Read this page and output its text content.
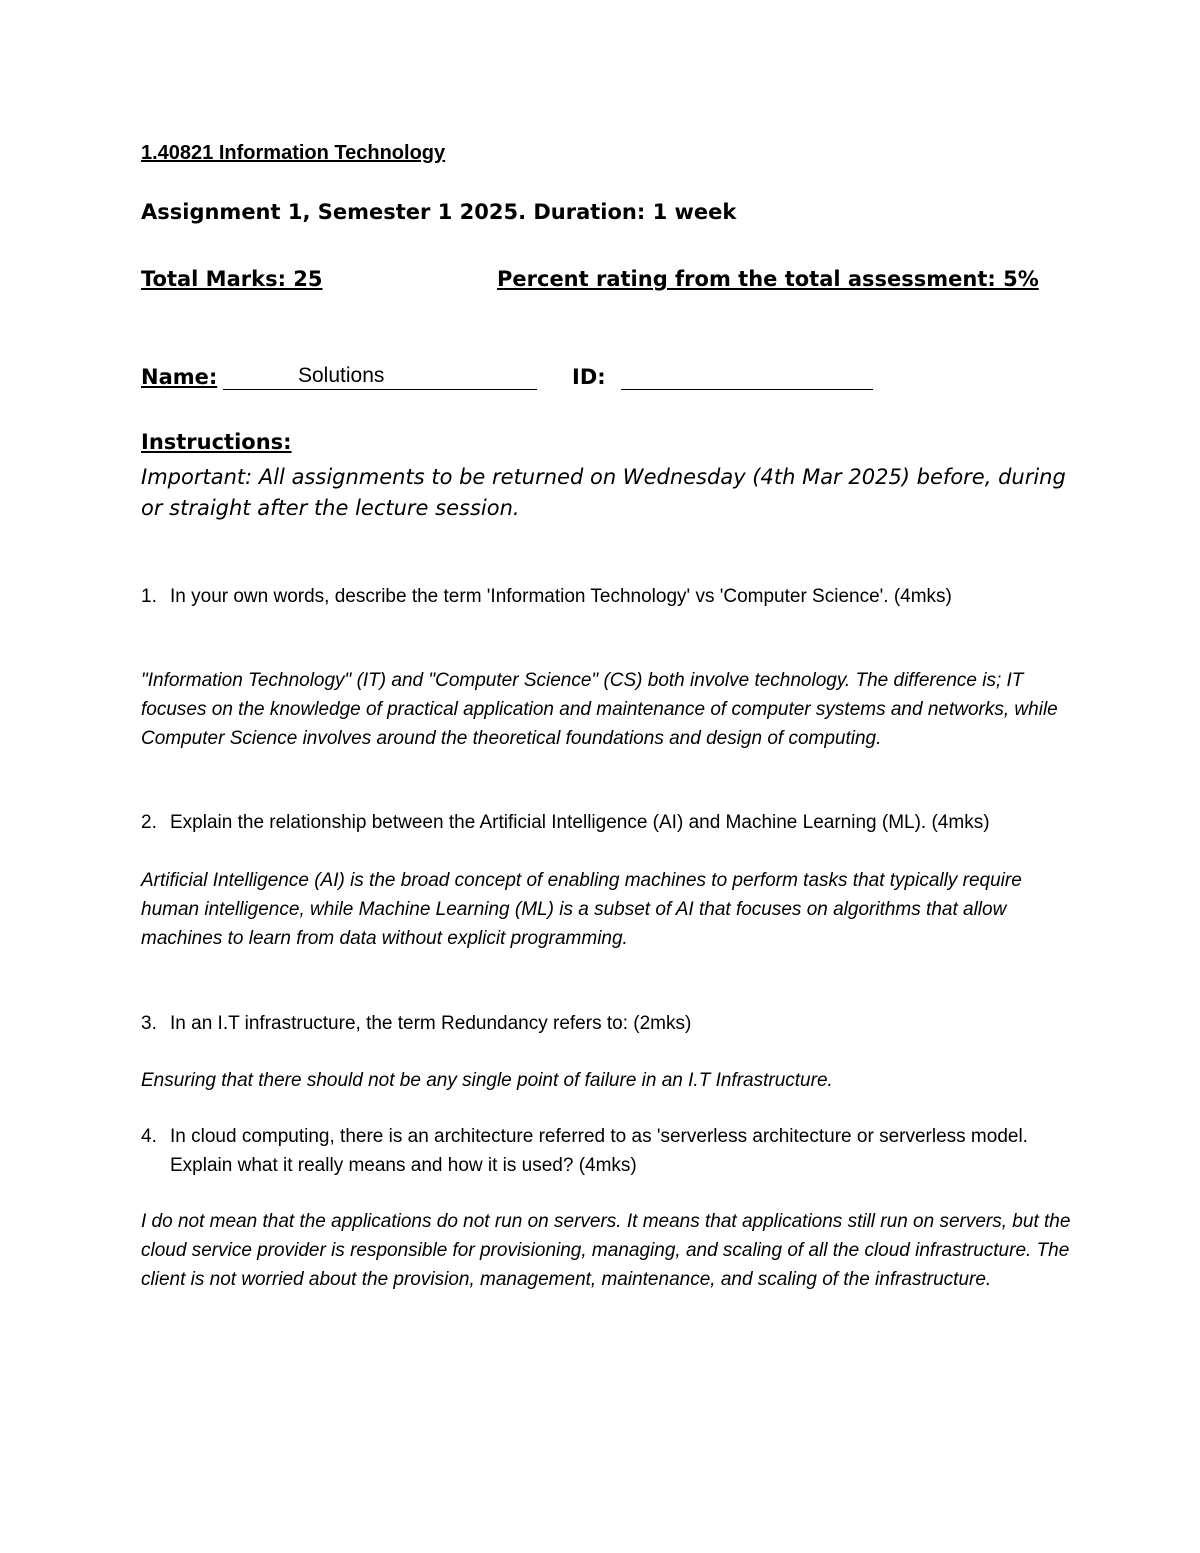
1.40821 Information Technology
Assignment 1, Semester 1 2025. Duration: 1 week
Total Marks: 25	Percent rating from the total assessment: 5%
Name:	Solutions	ID:
Instructions:
Important: All assignments to be returned on Wednesday (4th Mar 2025) before, during or straight after the lecture session.
1. In your own words, describe the term 'Information Technology' vs 'Computer Science'. (4mks)
"Information Technology" (IT) and "Computer Science" (CS) both involve technology. The difference is; IT focuses on the knowledge of practical application and maintenance of computer systems and networks, while Computer Science involves around the theoretical foundations and design of computing.
2. Explain the relationship between the Artificial Intelligence (AI) and Machine Learning (ML). (4mks)
Artificial Intelligence (AI) is the broad concept of enabling machines to perform tasks that typically require human intelligence, while Machine Learning (ML) is a subset of AI that focuses on algorithms that allow machines to learn from data without explicit programming.
3. In an I.T infrastructure, the term Redundancy refers to: (2mks)
Ensuring that there should not be any single point of failure in an I.T Infrastructure.
4. In cloud computing, there is an architecture referred to as 'serverless architecture or serverless model. Explain what it really means and how it is used? (4mks)
I do not mean that the applications do not run on servers. It means that applications still run on servers, but the cloud service provider is responsible for provisioning, managing, and scaling of all the cloud infrastructure. The client is not worried about the provision, management, maintenance, and scaling of the infrastructure.
